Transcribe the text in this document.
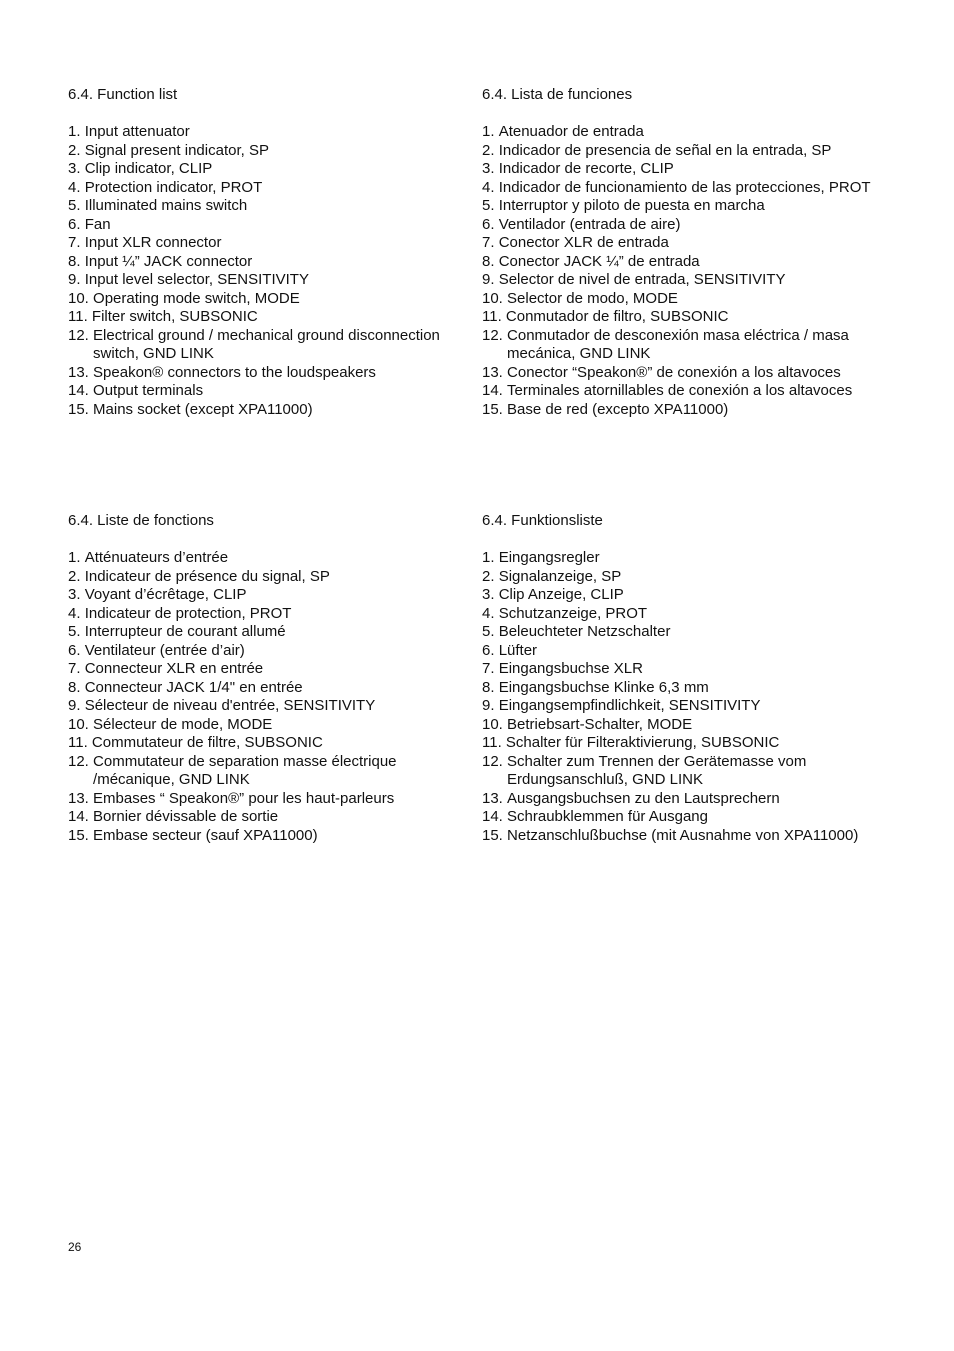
6.4. Function list
1. Input attenuator
2. Signal present indicator, SP
3. Clip indicator, CLIP
4. Protection indicator, PROT
5. Illuminated mains switch
6. Fan
7. Input XLR connector
8. Input ¼” JACK connector
9. Input level selector, SENSITIVITY
10. Operating mode switch, MODE
11. Filter switch, SUBSONIC
12. Electrical ground / mechanical ground disconnection switch, GND LINK
13. Speakon® connectors to the loudspeakers
14. Output terminals
15. Mains socket (except XPA11000)
6.4. Lista de funciones
1. Atenuador de entrada
2. Indicador de presencia de señal en la entrada, SP
3. Indicador de recorte, CLIP
4. Indicador de funcionamiento de las protecciones, PROT
5. Interruptor y piloto de puesta en marcha
6. Ventilador (entrada de aire)
7. Conector XLR de entrada
8. Conector JACK ¼” de entrada
9. Selector de nivel de entrada, SENSITIVITY
10. Selector de modo, MODE
11. Conmutador de filtro, SUBSONIC
12. Conmutador de desconexión masa eléctrica / masa mecánica, GND LINK
13. Conector “Speakon®” de conexión a los altavoces
14. Terminales atornillables de conexión a los altavoces
15. Base de red (excepto XPA11000)
6.4. Liste de fonctions
1. Atténuateurs d’entrée
2. Indicateur de présence du signal, SP
3. Voyant d’écrêtage, CLIP
4. Indicateur de protection, PROT
5. Interrupteur de courant allumé
6. Ventilateur (entrée d’air)
7. Connecteur XLR en entrée
8. Connecteur JACK 1/4" en entrée
9. Sélecteur de niveau d'entrée, SENSITIVITY
10. Sélecteur de mode, MODE
11. Commutateur de filtre, SUBSONIC
12. Commutateur de separation masse électrique /mécanique, GND LINK
13. Embases “ Speakon®” pour les haut-parleurs
14. Bornier dévissable de sortie
15. Embase secteur (sauf XPA11000)
6.4. Funktionsliste
1. Eingangsregler
2. Signalanzeige, SP
3. Clip Anzeige, CLIP
4. Schutzanzeige, PROT
5. Beleuchteter Netzschalter
6. Lüfter
7. Eingangsbuchse XLR
8. Eingangsbuchse Klinke 6,3 mm
9. Eingangsempfindlichkeit, SENSITIVITY
10. Betriebsart-Schalter, MODE
11. Schalter für Filteraktivierung, SUBSONIC
12. Schalter zum Trennen der Gerätemasse vom Erdungsanschluß, GND LINK
13. Ausgangsbuchsen zu den Lautsprechern
14. Schraubklemmen für Ausgang
15. Netzanschlußbuchse (mit Ausnahme von XPA11000)
26
